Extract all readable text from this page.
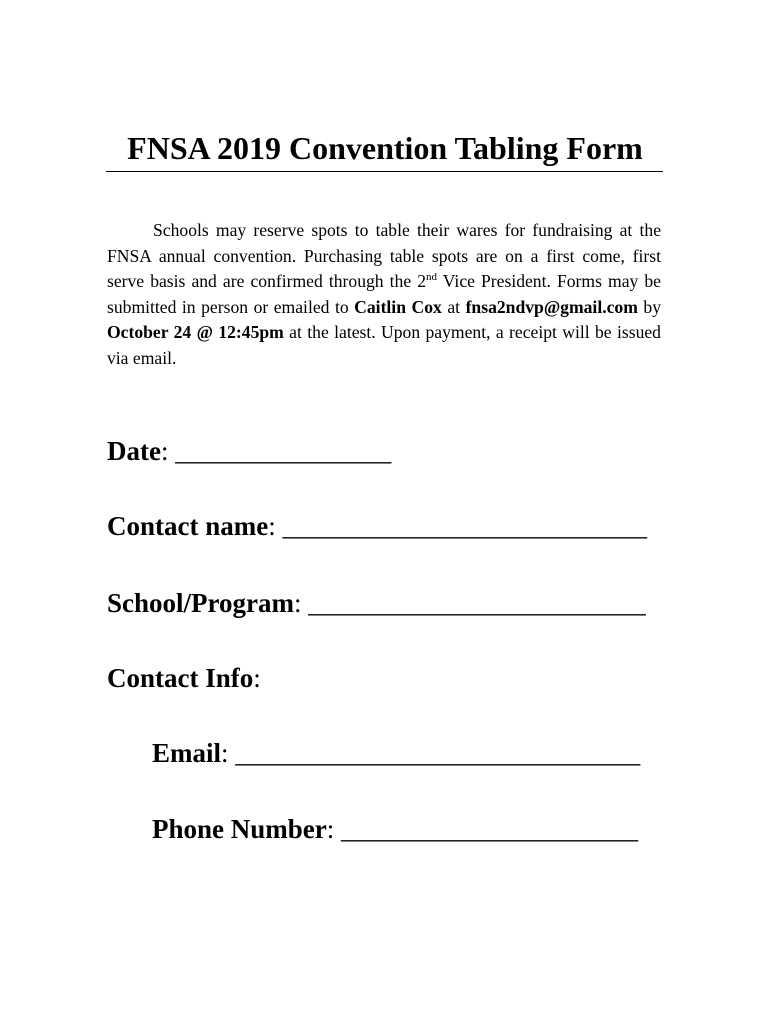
FNSA 2019 Convention Tabling Form

Schools may reserve spots to table their wares for fundraising at the FNSA annual convention. Purchasing table spots are on a first come, first serve basis and are confirmed through the 2nd Vice President. Forms may be submitted in person or emailed to Caitlin Cox at fnsa2ndvp@gmail.com by October 24 @ 12:45pm at the latest. Upon payment, a receipt will be issued via email.

Date: ________________
Contact name: ___________________________
School/Program: _________________________
Contact Info:
Email: ______________________________
Phone Number: ______________________
